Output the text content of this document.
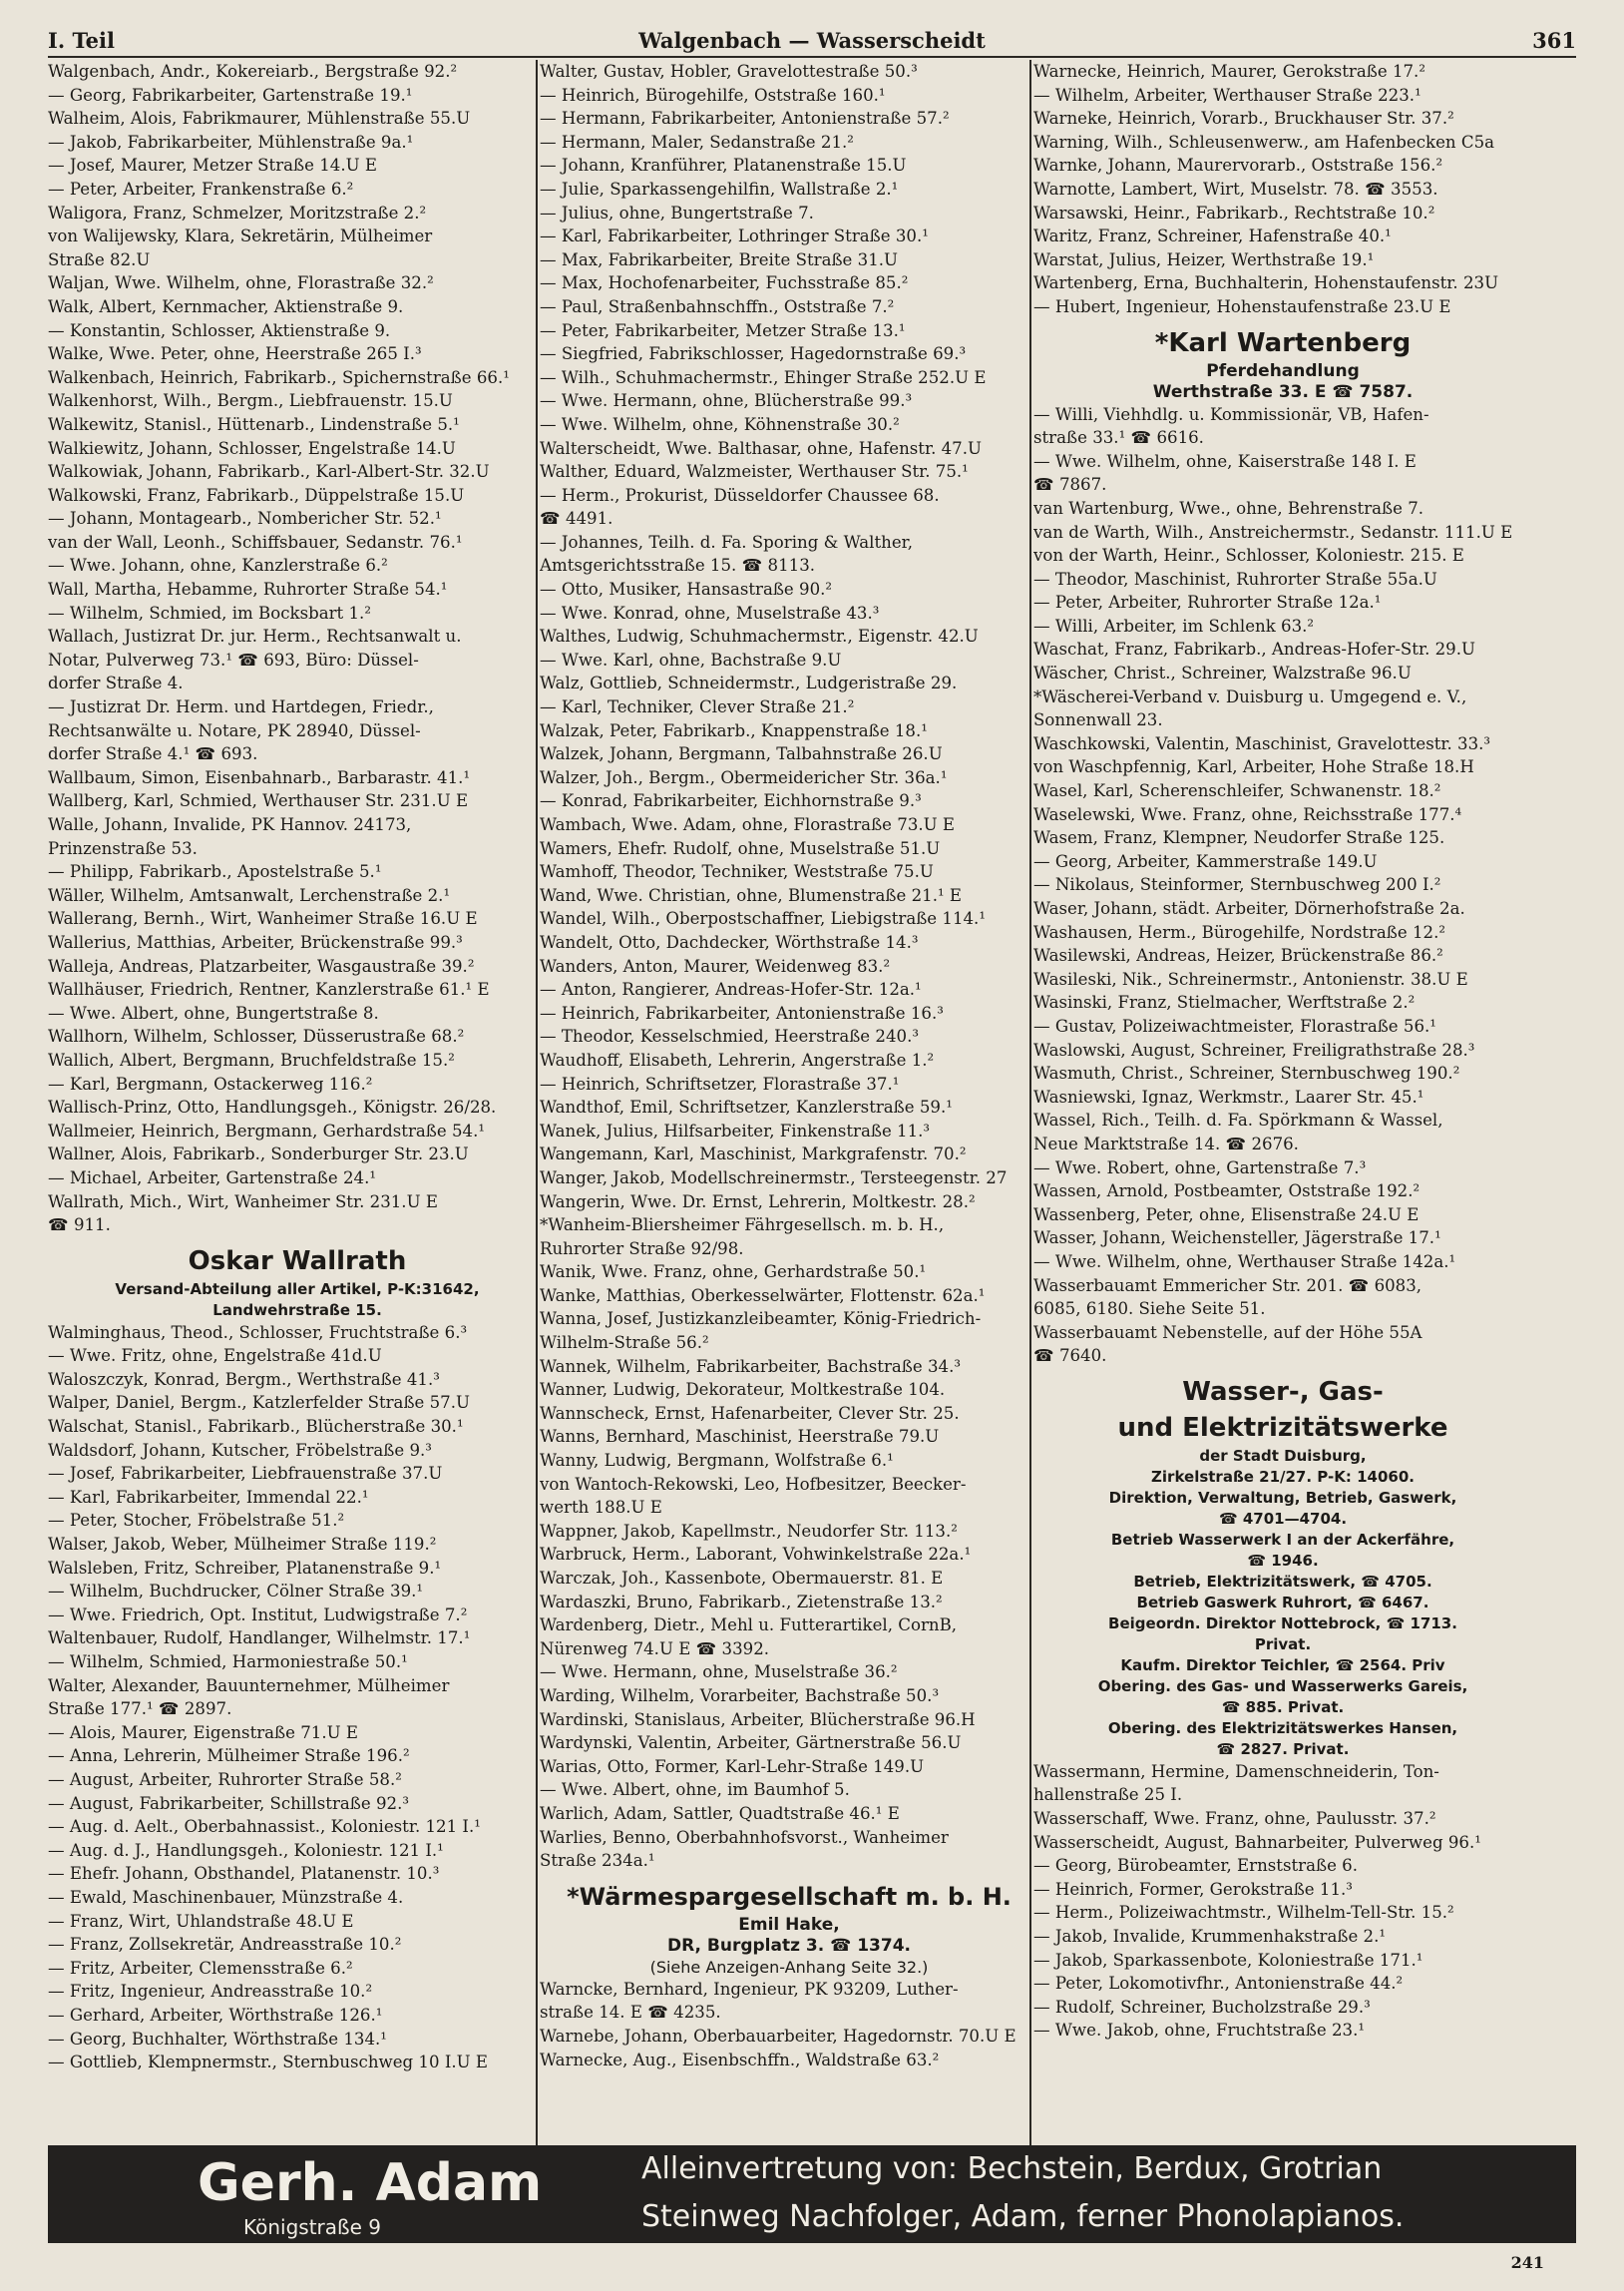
I. Teil	Walgenbach — Wasserscheidt	361
Walgenbach, Andr., Kokereiarb., Bergstraße 92.²
— Georg, Fabrikarbeiter, Gartenstraße 19.¹
Walheim, Alois, Fabrikmaurer, Mühlenstraße 55.U
— Jakob, Fabrikarbeiter, Mühlenstraße 9a.¹
— Josef, Maurer, Metzer Straße 14.U E
— Peter, Arbeiter, Frankenstraße 6.²
Waligora, Franz, Schmelzer, Moritzstraße 2.²
von Walijewsky, Klara, Sekretärin, Mülheimer
Straße 82.U
Waljan, Wwe. Wilhelm, ohne, Florastraße 32.²
Walk, Albert, Kernmacher, Aktienstraße 9.
— Konstantin, Schlosser, Aktienstraße 9.
Walke, Wwe. Peter, ohne, Heerstraße 265 I.³
Walkenbach, Heinrich, Fabrikarb., Spichernstraße 66.¹
Walkenhorst, Wilh., Bergm., Liebfrauenstr. 15.U
Walkewitz, Stanisl., Hüttenarb., Lindenstraße 5.¹
Walkiewitz, Johann, Schlosser, Engelstraße 14.U
Walkowiak, Johann, Fabrikarb., Karl-Albert-Str. 32.U
Walkowski, Franz, Fabrikarb., Düppelstraße 15.U
— Johann, Montagearb., Nombericher Str. 52.¹
van der Wall, Leonh., Schiffsbauer, Sedanstr. 76.¹
— Wwe. Johann, ohne, Kanzlerstraße 6.²
Wall, Martha, Hebamme, Ruhrorter Straße 54.¹
— Wilhelm, Schmied, im Bocksbart 1.²
Wallach, Justizrat Dr. jur. Herm., Rechtsanwalt u.
Notar, Pulverweg 73.¹ ☎ 693, Büro: Düssel-
dorfer Straße 4.
— Justizrat Dr. Herm. und Hartdegen, Friedr.,
Rechtsanwälte u. Notare, PK 28940, Düssel-
dorfer Straße 4.¹ ☎ 693.
Wallbaum, Simon, Eisenbahnarb., Barbarastr. 41.¹
Wallberg, Karl, Schmied, Werthauser Str. 231.U E
Walle, Johann, Invalide, PK Hannov. 24173,
Prinzenstraße 53.
— Philipp, Fabrikarb., Apostelstraße 5.¹
Wäller, Wilhelm, Amtsanwalt, Lerchenstraße 2.¹
Wallerang, Bernh., Wirt, Wanheimer Straße 16.U E
Wallerius, Matthias, Arbeiter, Brückenstraße 99.³
Walleja, Andreas, Platzarbeiter, Wasgaustraße 39.²
Wallhäuser, Friedrich, Rentner, Kanzlerstraße 61.¹ E
— Wwe. Albert, ohne, Bungertstraße 8.
Wallhorn, Wilhelm, Schlosser, Düsserustraße 68.²
Wallich, Albert, Bergmann, Bruchfeldstraße 15.²
— Karl, Bergmann, Ostackerweg 116.²
Wallisch-Prinz, Otto, Handlungsgeh., Königstr. 26/28.
Wallmeier, Heinrich, Bergmann, Gerhardstraße 54.¹
Wallner, Alois, Fabrikarb., Sonderburger Str. 23.U
— Michael, Arbeiter, Gartenstraße 24.¹
Wallrath, Mich., Wirt, Wanheimer Str. 231.U E
☎ 911.
Oskar Wallrath
Versand-Abteilung aller Artikel, P-K:31642,
Landwehrstraße 15.
Walminghaus, Theod., Schlosser, Fruchtstraße 6.³
— Wwe. Fritz, ohne, Engelstraße 41d.U
Waloszczyk, Konrad, Bergm., Werthstraße 41.³
Walper, Daniel, Bergm., Katzlerfelder Straße 57.U
Walschat, Stanisl., Fabrikarb., Blücherstraße 30.¹
Waldsdorf, Johann, Kutscher, Fröbelstraße 9.³
— Josef, Fabrikarbeiter, Liebfrauenstraße 37.U
— Karl, Fabrikarbeiter, Immendal 22.¹
— Peter, Stocher, Fröbelstraße 51.²
Walser, Jakob, Weber, Mülheimer Straße 119.²
Walsleben, Fritz, Schreiber, Platanenstraße 9.¹
— Wilhelm, Buchdrucker, Cölner Straße 39.¹
— Wwe. Friedrich, Opt. Institut, Ludwigstraße 7.²
Waltenbauer, Rudolf, Handlanger, Wilhelmstr. 17.¹
— Wilhelm, Schmied, Harmoniestraße 50.¹
Walter, Alexander, Bauunternehmer, Mülheimer
Straße 177.¹ ☎ 2897.
— Alois, Maurer, Eigenstraße 71.U E
— Anna, Lehrerin, Mülheimer Straße 196.²
— August, Arbeiter, Ruhrorter Straße 58.²
— August, Fabrikarbeiter, Schillstraße 92.³
— Aug. d. Aelt., Oberbahnassist., Koloniestr. 121 I.¹
— Aug. d. J., Handlungsgeh., Koloniestr. 121 I.¹
— Ehefr. Johann, Obsthandel, Platanenstr. 10.³
— Ewald, Maschinenbauer, Münzstraße 4.
— Franz, Wirt, Uhlandstraße 48.U E
— Franz, Zollsekretär, Andreasstraße 10.²
— Fritz, Arbeiter, Clemensstraße 6.²
— Fritz, Ingenieur, Andreasstraße 10.²
— Gerhard, Arbeiter, Wörthstraße 126.¹
— Georg, Buchhalter, Wörthstraße 134.¹
— Gottlieb, Klempnermstr., Sternbuschweg 10 I.U E
Walter, Gustav, Hobler, Gravelottestraße 50.³
— Heinrich, Bürogehilfe, Oststraße 160.¹
— Hermann, Fabrikarbeiter, Antonienstraße 57.²
— Hermann, Maler, Sedanstraße 21.²
— Johann, Kranführer, Platanenstraße 15.U
— Julie, Sparkassengehilfin, Wallstraße 2.¹
— Julius, ohne, Bungertstraße 7.
— Karl, Fabrikarbeiter, Lothringer Straße 30.¹
— Max, Fabrikarbeiter, Breite Straße 31.U
— Max, Hochofenarbeiter, Fuchsstraße 85.²
— Paul, Straßenbahnschffn., Oststraße 7.²
— Peter, Fabrikarbeiter, Metzer Straße 13.¹
— Siegfried, Fabrikschlosser, Hagedornstraße 69.³
— Wilh., Schuhmachermstr., Ehinger Straße 252.U E
— Wwe. Hermann, ohne, Blücherstraße 99.³
— Wwe. Wilhelm, ohne, Köhnenstraße 30.²
Walterscheidt, Wwe. Balthasar, ohne, Hafenstr. 47.U
Walther, Eduard, Walzmeister, Werthauser Str. 75.¹
— Herm., Prokurist, Düsseldorfer Chaussee 68.
☎ 4491.
— Johannes, Teilh. d. Fa. Sporing & Walther,
Amtsgerichtsstraße 15. ☎ 8113.
— Otto, Musiker, Hansastraße 90.²
— Wwe. Konrad, ohne, Muselstraße 43.³
Walthes, Ludwig, Schuhmachermstr., Eigenstr. 42.U
— Wwe. Karl, ohne, Bachstraße 9.U
Walz, Gottlieb, Schneidermstr., Ludgeristraße 29.
— Karl, Techniker, Clever Straße 21.²
Walzak, Peter, Fabrikarb., Knappenstraße 18.¹
Walzek, Johann, Bergmann, Talbahnstraße 26.U
Walzer, Joh., Bergm., Obermeidericher Str. 36a.¹
— Konrad, Fabrikarbeiter, Eichhornstraße 9.³
Wambach, Wwe. Adam, ohne, Florastraße 73.U E
Wamers, Ehefr. Rudolf, ohne, Muselstraße 51.U
Wamhoff, Theodor, Techniker, Weststraße 75.U
Wand, Wwe. Christian, ohne, Blumenstraße 21.¹ E
Wandel, Wilh., Oberpostschaffner, Liebigstraße 114.¹
Wandelt, Otto, Dachdecker, Wörthstraße 14.³
Wanders, Anton, Maurer, Weidenweg 83.²
— Anton, Rangierer, Andreas-Hofer-Str. 12a.¹
— Heinrich, Fabrikarbeiter, Antonienstraße 16.³
— Theodor, Kesselschmied, Heerstraße 240.³
Waudhoff, Elisabeth, Lehrerin, Angerstraße 1.²
— Heinrich, Schriftsetzer, Florastraße 37.¹
Wandthof, Emil, Schriftsetzer, Kanzlerstraße 59.¹
Wanek, Julius, Hilfsarbeiter, Finkenstraße 11.³
Wangemann, Karl, Maschinist, Markgrafenstr. 70.²
Wanger, Jakob, Modellschreinermstr., Tersteegenstr. 27
Wangerin, Wwe. Dr. Ernst, Lehrerin, Moltkestr. 28.²
*Wanheim-Bliersheimer Fährgesellsch. m. b. H.,
Ruhrorter Straße 92/98.
Wanik, Wwe. Franz, ohne, Gerhardstraße 50.¹
Wanke, Matthias, Oberkesselwärter, Flottenstr. 62a.¹
Wanna, Josef, Justizkanzleibeamter, König-Friedrich-
Wilhelm-Straße 56.²
Wannek, Wilhelm, Fabrikarbeiter, Bachstraße 34.³
Wanner, Ludwig, Dekorateur, Moltkestraße 104.
Wannscheck, Ernst, Hafenarbeiter, Clever Str. 25.
Wanns, Bernhard, Maschinist, Heerstraße 79.U
Wanny, Ludwig, Bergmann, Wolfstraße 6.¹
von Wantoch-Rekowski, Leo, Hofbesitzer, Beecker-
werth 188.U E
Wappner, Jakob, Kapellmstr., Neudorfer Str. 113.²
Warbruck, Herm., Laborant, Vohwinkelstraße 22a.¹
Warczak, Joh., Kassenbote, Obermauerstr. 81. E
Wardaszki, Bruno, Fabrikarb., Zietenstraße 13.²
Wardenberg, Dietr., Mehl u. Futterartikel, CornB,
Nürenweg 74.U E ☎ 3392.
— Wwe. Hermann, ohne, Muselstraße 36.²
Warding, Wilhelm, Vorarbeiter, Bachstraße 50.³
Wardinski, Stanislaus, Arbeiter, Blücherstraße 96.H
Wardynski, Valentin, Arbeiter, Gärtnerstraße 56.U
Warias, Otto, Former, Karl-Lehr-Straße 149.U
— Wwe. Albert, ohne, im Baumhof 5.
Warlich, Adam, Sattler, Quadtstraße 46.¹ E
Warlies, Benno, Oberbahnhofsvorst., Wanheimer
Straße 234a.¹
*Wärmespargesellschaft m. b. H.
Emil Hake,
DR, Burgplatz 3. ☎ 1374.
(Siehe Anzeigen-Anhang Seite 32.)
Warncke, Bernhard, Ingenieur, PK 93209, Luther-
straße 14. E ☎ 4235.
Warnebe, Johann, Oberbauarbeiter, Hagedornstr. 70.U E
Warnecke, Aug., Eisenbschffn., Waldstraße 63.²
Warnecke, Heinrich, Maurer, Gerokstraße 17.²
— Wilhelm, Arbeiter, Werthauser Straße 223.¹
Warneke, Heinrich, Vorarb., Bruckhauser Str. 37.²
Warning, Wilh., Schleusenwerw., am Hafenbecken C5a
Warnke, Johann, Maurervorarb., Oststraße 156.²
Warnotte, Lambert, Wirt, Muselstr. 78. ☎ 3553.
Warsawski, Heinr., Fabrikarb., Rechtstraße 10.²
Waritz, Franz, Schreiner, Hafenstraße 40.¹
Warstat, Julius, Heizer, Werthstraße 19.¹
Wartenberg, Erna, Buchhalterin, Hohenstaufenstr. 23U
— Hubert, Ingenieur, Hohenstaufenstraße 23.U E
*Karl Wartenberg
Pferdehandlung
Werthstraße 33. E ☎ 7587.
— Willi, Viehhdlg. u. Kommissionär, VB, Hafen-
straße 33.¹ ☎ 6616.
— Wwe. Wilhelm, ohne, Kaiserstraße 148 I. E
☎ 7867.
van Wartenburg, Wwe., ohne, Behrenstraße 7.
van de Warth, Wilh., Anstreichermstr., Sedanstr. 111.U E
von der Warth, Heinr., Schlosser, Koloniestr. 215. E
— Theodor, Maschinist, Ruhrorter Straße 55a.U
— Peter, Arbeiter, Ruhrorter Straße 12a.¹
— Willi, Arbeiter, im Schlenk 63.²
Waschat, Franz, Fabrikarb., Andreas-Hofer-Str. 29.U
Wäscher, Christ., Schreiner, Walzstraße 96.U
*Wäscherei-Verband v. Duisburg u. Umgegend e. V.,
Sonnenwall 23.
Waschkowski, Valentin, Maschinist, Gravelottestr. 33.³
von Waschpfennig, Karl, Arbeiter, Hohe Straße 18.H
Wasel, Karl, Scherenschleifer, Schwanenstr. 18.²
Waselewski, Wwe. Franz, ohne, Reichsstraße 177.⁴
Wasem, Franz, Klempner, Neudorfer Straße 125.
— Georg, Arbeiter, Kammerstraße 149.U
— Nikolaus, Steinformer, Sternbuschweg 200 I.²
Waser, Johann, städt. Arbeiter, Dörnerhofstraße 2a.
Washausen, Herm., Bürogehilfe, Nordstraße 12.²
Wasilewski, Andreas, Heizer, Brückenstraße 86.²
Wasileski, Nik., Schreinermstr., Antonienstr. 38.U E
Wasinski, Franz, Stielmacher, Werftstraße 2.²
— Gustav, Polizeiwachtmeister, Florastraße 56.¹
Waslowski, August, Schreiner, Freiligrathstraße 28.³
Wasmuth, Christ., Schreiner, Sternbuschweg 190.²
Wasniewski, Ignaz, Werkmstr., Laarer Str. 45.¹
Wassel, Rich., Teilh. d. Fa. Spörkmann & Wassel,
Neue Marktstraße 14. ☎ 2676.
— Wwe. Robert, ohne, Gartenstraße 7.³
Wassen, Arnold, Postbeamter, Oststraße 192.²
Wassenberg, Peter, ohne, Elisenstraße 24.U E
Wasser, Johann, Weichensteller, Jägerstraße 17.¹
— Wwe. Wilhelm, ohne, Werthauser Straße 142a.¹
Wasserbauamt Emmericher Str. 201. ☎ 6083,
6085, 6180. Siehe Seite 51.
Wasserbauamt Nebenstelle, auf der Höhe 55A
☎ 7640.
Wasser-, Gas-
und Elektrizitätswerke
der Stadt Duisburg,
Zirkelstraße 21/27. P-K: 14060.
Direktion, Verwaltung, Betrieb, Gaswerk,
☎ 4701—4704.
Betrieb Wasserwerk I an der Ackerfähre,
☎ 1946.
Betrieb, Elektrizitätswerk, ☎ 4705.
Betrieb Gaswerk Ruhrort, ☎ 6467.
Beigeordn. Direktor Nottebrock, ☎ 1713.
Privat.
Kaufm. Direktor Teichler, ☎ 2564. Priv
Obering. des Gas- und Wasserwerks Gareis,
☎ 885. Privat.
Obering. des Elektrizitätswerkes Hansen,
☎ 2827. Privat.
Wassermann, Hermine, Damenschneiderin, Ton-
hallenstraße 25 I.
Wasserschaff, Wwe. Franz, ohne, Paulusstr. 37.²
Wasserscheidt, August, Bahnarbeiter, Pulverweg 96.¹
— Georg, Bürobeamter, Ernststraße 6.
— Heinrich, Former, Gerokstraße 11.³
— Herm., Polizeiwachtmstr., Wilhelm-Tell-Str. 15.²
— Jakob, Invalide, Krummenhakstraße 2.¹
— Jakob, Sparkassenbote, Koloniestraße 171.¹
— Peter, Lokomotivfhr., Antonienstraße 44.²
— Rudolf, Schreiner, Bucholzstraße 29.³
— Wwe. Jakob, ohne, Fruchtstraße 23.¹
Gerh. Adam
Königstraße 9
Alleinvertretung von: Bechstein, Berdux, Grotrian
Steinweg Nachfolger, Adam, ferner Phonolapianos.
241
